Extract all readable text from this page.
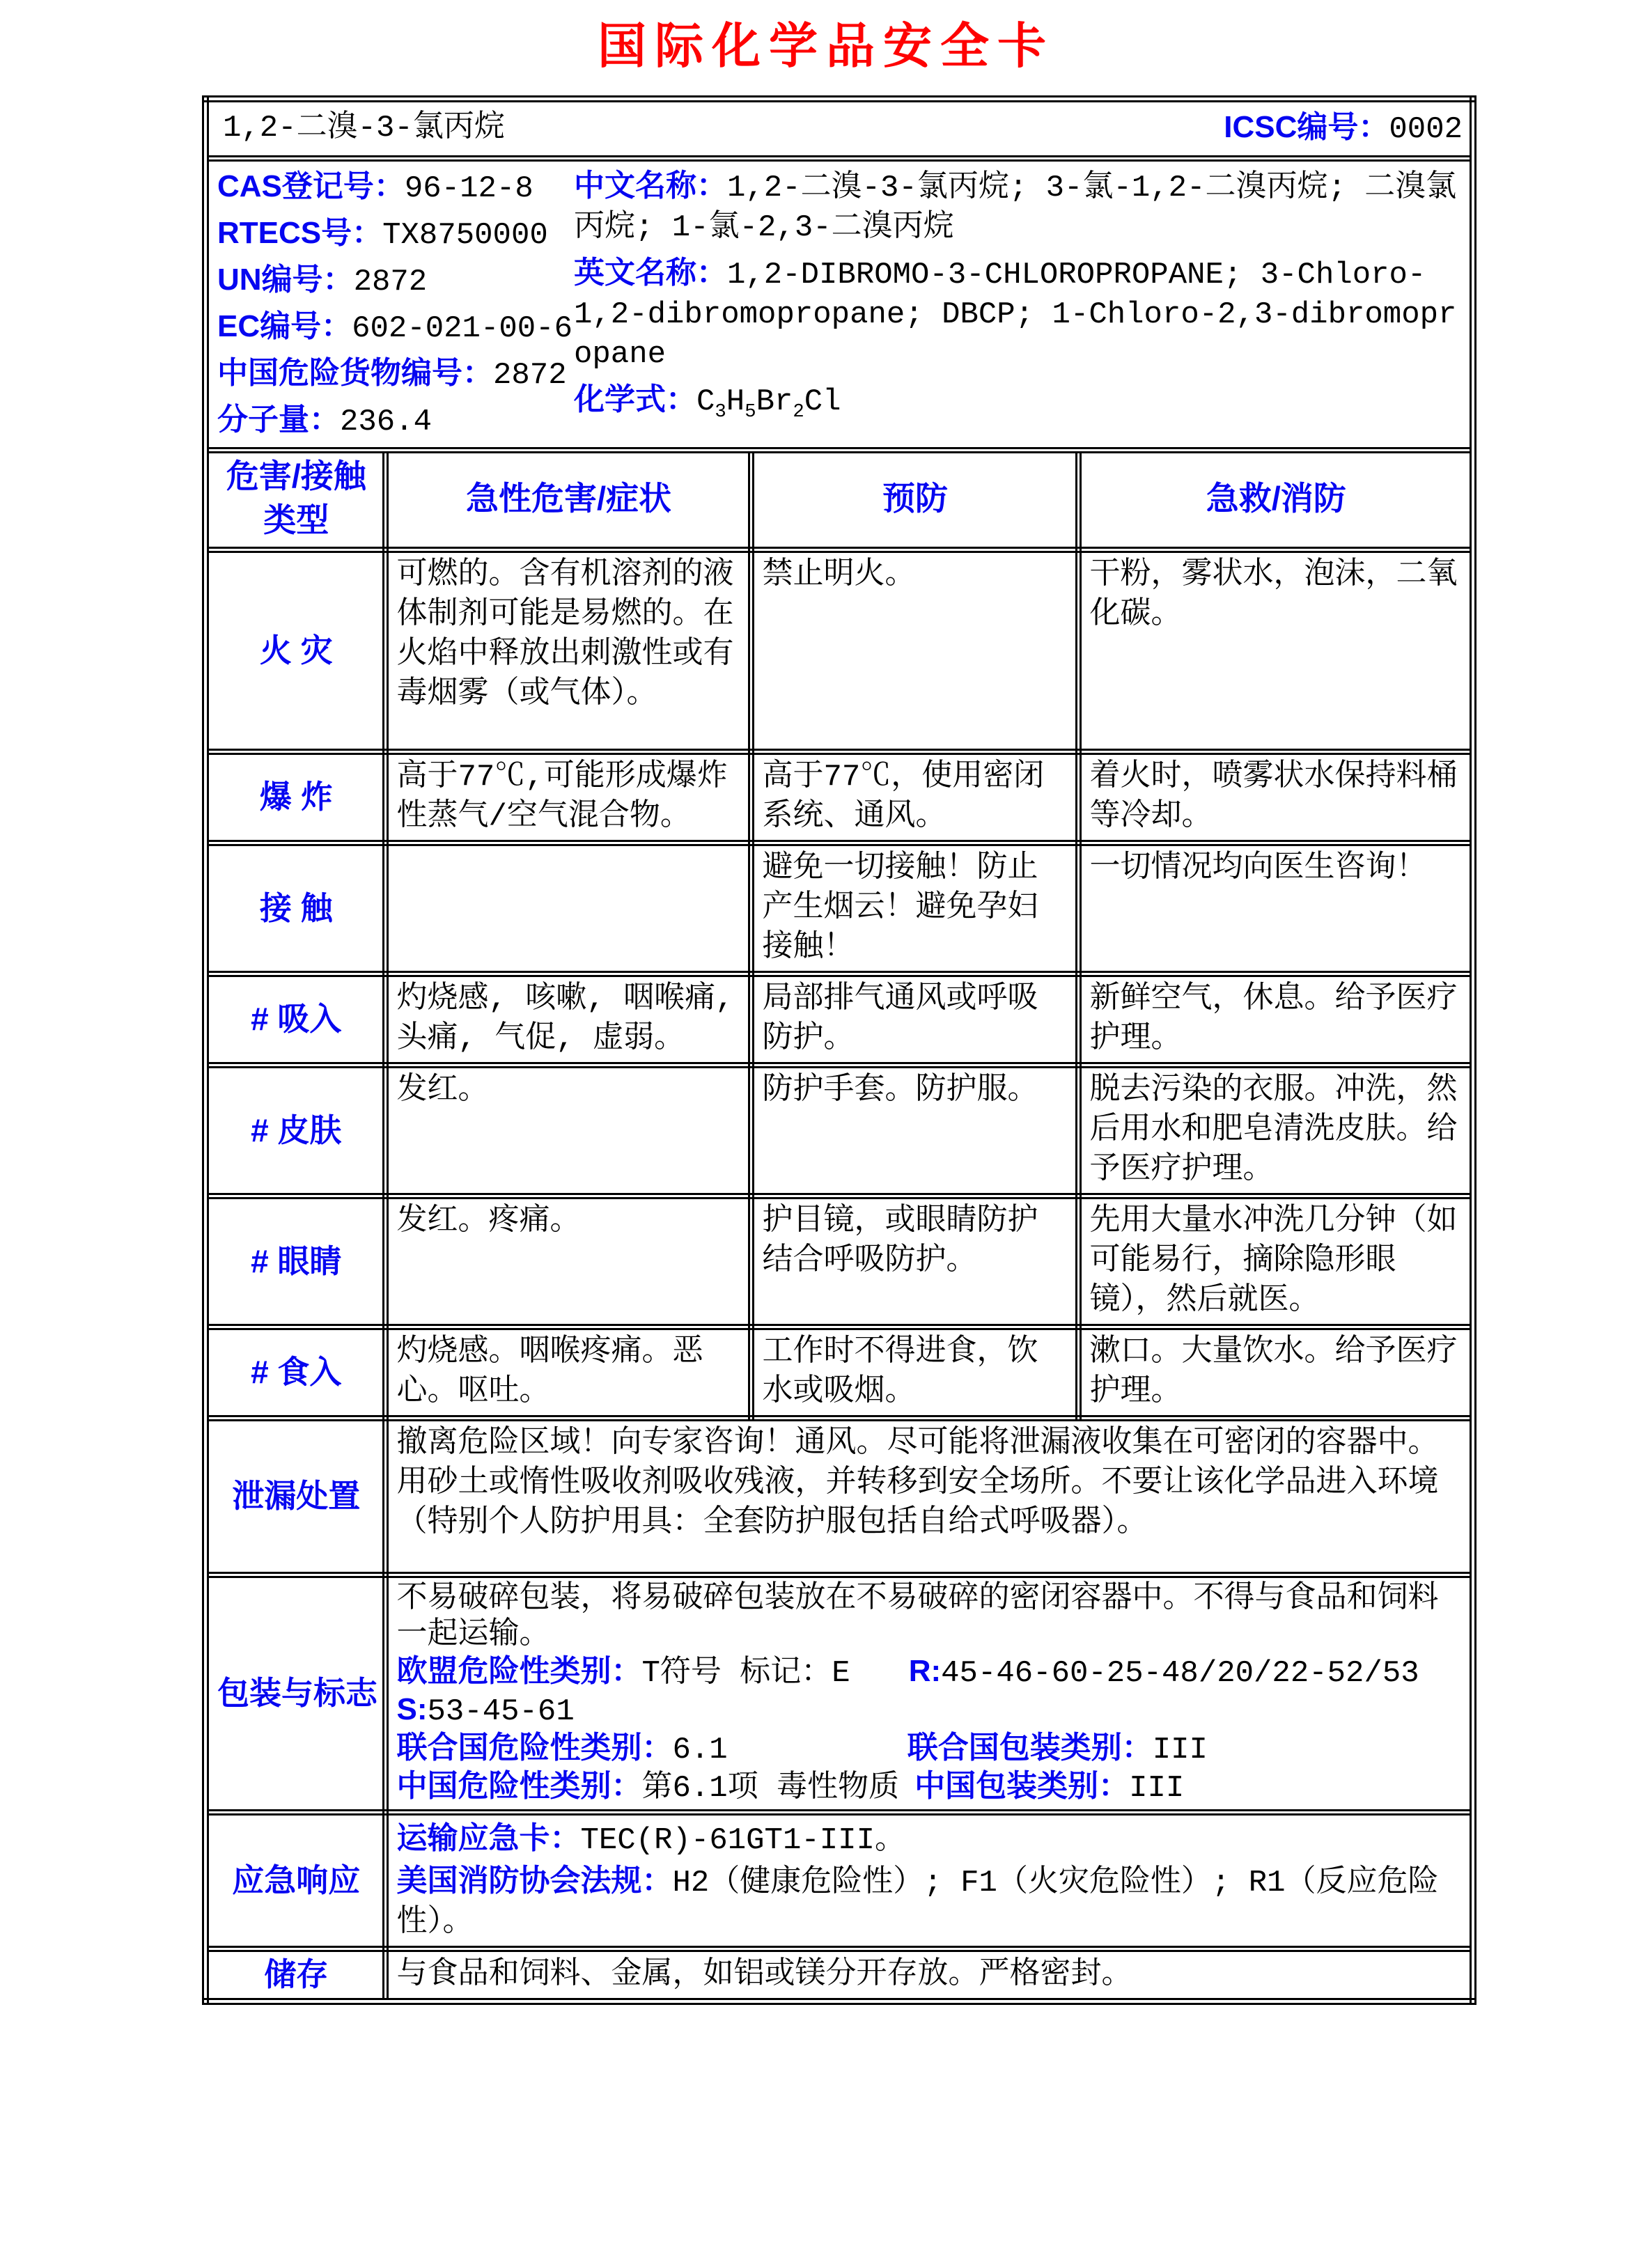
国际化学品安全卡
1,2-二溴-3-氯丙烷 ICSC编号：0002			

CAS登记号：96-12-8
RTECS号：TX8750000
UN编号：2872
EC编号：602-021-00-6
中国危险货物编号：2872
分子量：236.4
中文名称：1,2-二溴-3-氯丙烷; 3-氯-1,2-二溴丙烷; 二溴氯丙烷; 1-氯-2,3-二溴丙烷
英文名称：1,2-DIBROMO-3-CHLOROPROPANE; 3-Chloro-1,2-dibromopropane; DBCP; 1-Chloro-2,3-dibromopropane
化学式：$C_3H_5Br_2Cl$

危害/接触类型	急性危害/症状	预防	急救/消防
火 灾	可燃的。含有机溶剂的液体制剂可能是易燃的。在火焰中释放出刺激性或有毒烟雾（或气体）。	禁止明火。	干粉，雾状水，泡沫，二氧化碳。
爆 炸	高于77℃,可能形成爆炸性蒸气/空气混合物。	高于77℃，使用密闭系统、通风。	着火时，喷雾状水保持料桶等冷却。
接 触		避免一切接触！防止产生烟云！避免孕妇接触！	一切情况均向医生咨询！
# 吸入	灼烧感, 咳嗽, 咽喉痛, 头痛, 气促, 虚弱。	局部排气通风或呼吸防护。	新鲜空气，休息。给予医疗护理。
# 皮肤	发红。	防护手套。防护服。	脱去污染的衣服。冲洗，然后用水和肥皂清洗皮肤。给予医疗护理。
# 眼睛	发红。疼痛。	护目镜，或眼睛防护结合呼吸防护。	先用大量水冲洗几分钟（如可能易行，摘除隐形眼镜），然后就医。
# 食入	灼烧感。咽喉疼痛。恶心。呕吐。	工作时不得进食，饮水或吸烟。	漱口。大量饮水。给予医疗护理。
泄漏处置	撤离危险区域！向专家咨询！通风。尽可能将泄漏液收集在可密闭的容器中。用砂土或惰性吸收剂吸收残液，并转移到安全场所。不要让该化学品进入环境（特别个人防护用具：全套防护服包括自给式呼吸器）。		
包装与标志	不易破碎包装，将易破碎包装放在不易破碎的密闭容器中。不得与食品和饲料一起运输。
欧盟危险性类别：T符号 标记：E R:45-46-60-25-48/20/22-52/53
S:53-45-61
联合国危险性类别：6.1 联合国包装类别：III
中国危险性类别：第6.1项 毒性物质 中国包装类别：III		

应急响应	运输应急卡：TEC(R)-61GT1-III。
美国消防协会法规：H2（健康危险性）; F1（火灾危险性）; R1（反应危险性）。		

储存	与食品和饲料、金属，如铝或镁分开存放。严格密封。		
